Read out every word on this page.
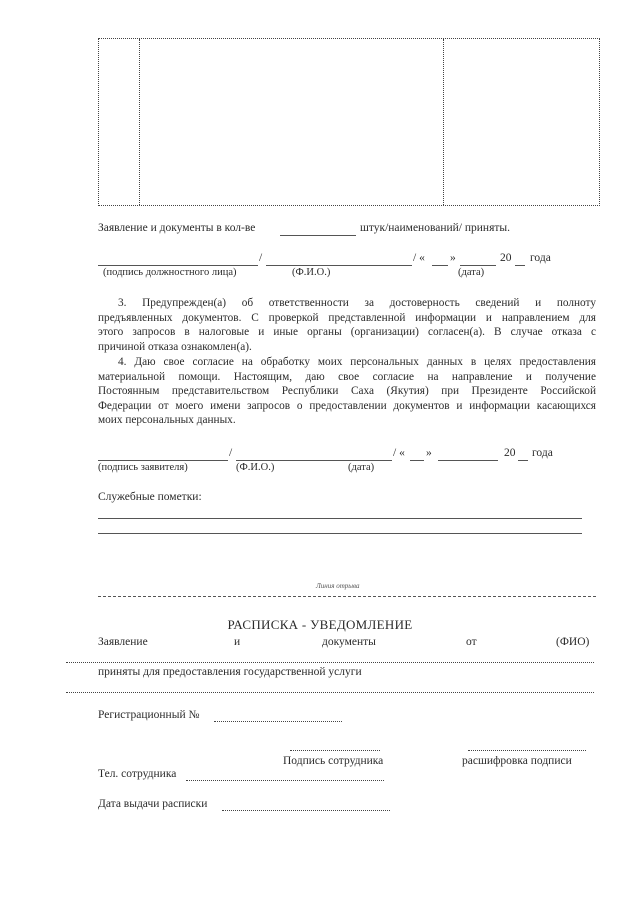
Заявление и документы в кол-ве	штук/наименований/ приняты.
/	/ « »	20 года
(подпись должностного лица)	(Ф.И.О.)	(дата)
3. Предупрежден(а) об ответственности за достоверность сведений и полноту
предъявленных документов. С проверкой представленной информации и направлением для
этого запросов в налоговые и иные органы (организации) согласен(а). В случае отказа с
причиной отказа ознакомлен(а).
4. Даю свое согласие на обработку моих персональных данных в целях предоставления
материальной помощи. Настоящим, даю свое согласие на направление и получение
Постоянным представительством Республики Саха (Якутия) при Президенте Российской
Федерации от моего имени запросов о предоставлении документов и информации касающихся
моих персональных данных.
/	/ « »	20 года
(подпись заявителя)	(Ф.И.О.)	(дата)
Служебные пометки:
Линия отрыва
РАСПИСКА - УВЕДОМЛЕНИЕ
Заявление	и	документы	от	(ФИО)
приняты для предоставления государственной услуги
Регистрационный №
Подпись сотрудника	расшифровка подписи
Тел. сотрудника
Дата выдачи расписки
